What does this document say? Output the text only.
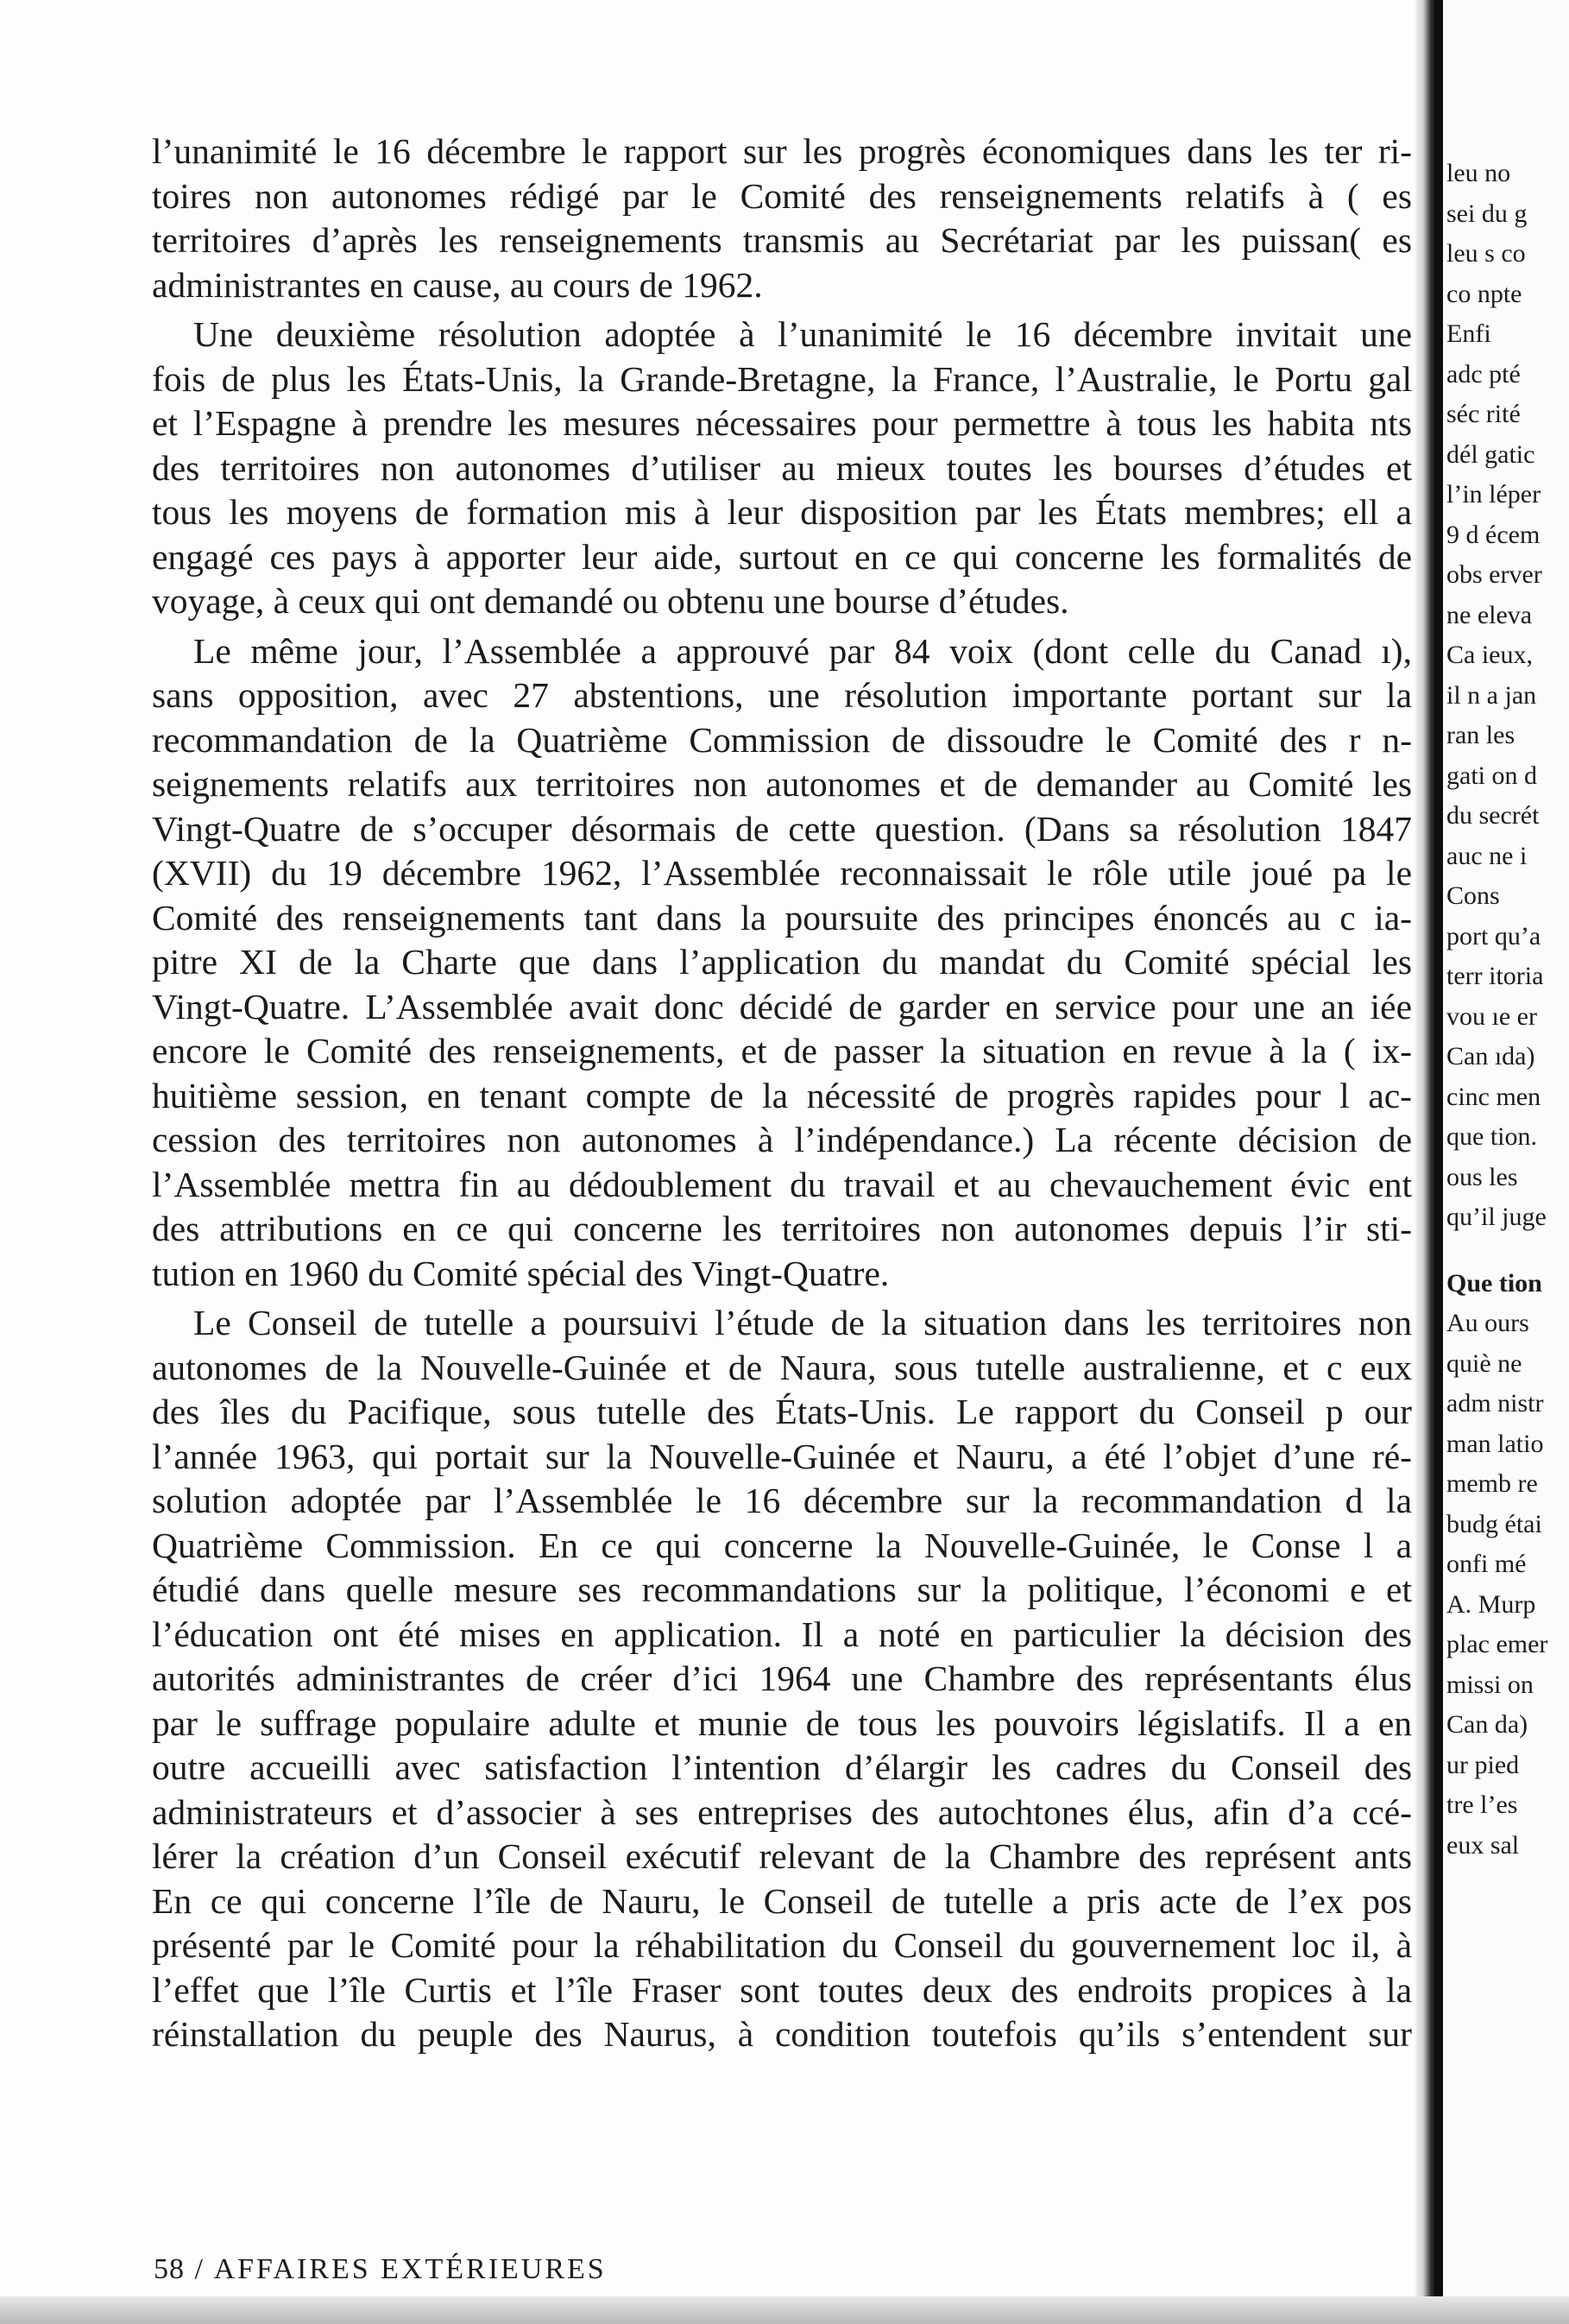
l’unanimité le 16 décembre le rapport sur les progrès économiques dans les ter ri-
toires non autonomes rédigé par le Comité des renseignements relatifs à ( es
territoires d’après les renseignements transmis au Secrétariat par les puissan( es
administrantes en cause, au cours de 1962.
Une deuxième résolution adoptée à l’unanimité le 16 décembre invitait une
fois de plus les États-Unis, la Grande-Bretagne, la France, l’Australie, le Portu gal
et l’Espagne à prendre les mesures nécessaires pour permettre à tous les habita nts
des territoires non autonomes d’utiliser au mieux toutes les bourses d’études et
tous les moyens de formation mis à leur disposition par les États membres; ell a
engagé ces pays à apporter leur aide, surtout en ce qui concerne les formalités de
voyage, à ceux qui ont demandé ou obtenu une bourse d’études.
Le même jour, l’Assemblée a approuvé par 84 voix (dont celle du Canad ı),
sans opposition, avec 27 abstentions, une résolution importante portant sur la
recommandation de la Quatrième Commission de dissoudre le Comité des r n-
seignements relatifs aux territoires non autonomes et de demander au Comité les
Vingt-Quatre de s’occuper désormais de cette question. (Dans sa résolution 1847
(XVII) du 19 décembre 1962, l’Assemblée reconnaissait le rôle utile joué pa le
Comité des renseignements tant dans la poursuite des principes énoncés au c ia-
pitre XI de la Charte que dans l’application du mandat du Comité spécial les
Vingt-Quatre. L’Assemblée avait donc décidé de garder en service pour une an iée
encore le Comité des renseignements, et de passer la situation en revue à la ( ix-
huitième session, en tenant compte de la nécessité de progrès rapides pour l ac-
cession des territoires non autonomes à l’indépendance.) La récente décision de
l’Assemblée mettra fin au dédoublement du travail et au chevauchement évic ent
des attributions en ce qui concerne les territoires non autonomes depuis l’ir sti-
tution en 1960 du Comité spécial des Vingt-Quatre.
Le Conseil de tutelle a poursuivi l’étude de la situation dans les territoires non
autonomes de la Nouvelle-Guinée et de Naura, sous tutelle australienne, et c eux
des îles du Pacifique, sous tutelle des États-Unis. Le rapport du Conseil p our
l’année 1963, qui portait sur la Nouvelle-Guinée et Nauru, a été l’objet d’une ré-
solution adoptée par l’Assemblée le 16 décembre sur la recommandation d la
Quatrième Commission. En ce qui concerne la Nouvelle-Guinée, le Conse l a
étudié dans quelle mesure ses recommandations sur la politique, l’économi e et
l’éducation ont été mises en application. Il a noté en particulier la décision des
autorités administrantes de créer d’ici 1964 une Chambre des représentants élus
par le suffrage populaire adulte et munie de tous les pouvoirs législatifs. Il a en
outre accueilli avec satisfaction l’intention d’élargir les cadres du Conseil des
administrateurs et d’associer à ses entreprises des autochtones élus, afin d’a ccé-
lérer la création d’un Conseil exécutif relevant de la Chambre des représent ants
En ce qui concerne l’île de Nauru, le Conseil de tutelle a pris acte de l’ex pos
présenté par le Comité pour la réhabilitation du Conseil du gouvernement loc il, à
l’effet que l’île Curtis et l’île Fraser sont toutes deux des endroits propices à la
réinstallation du peuple des Naurus, à condition toutefois qu’ils s’entendent sur
58 / AFFAIRES EXTÉRIEURES
leu no
sei du g
leu s co
co npte
Enfi
adc pté
séc rité
dél gatic
l’in léper
9 d écem
obs erver
ne eleva
Ca ieux,
il n a jan
ran les
gati on d
du secrét
auc ne i
Cons
port qu’a
terr itoria
vou ıe er
Can ıda)
cinc men
que tion.
ous les
qu’il juge
Que tion
Au ours
quiè ne
adm nistr
man latio
memb re
budg étai
onfi mé
A. Murp
plac emer
missi on
Can da)
ur pied
tre l’es
eux sal
